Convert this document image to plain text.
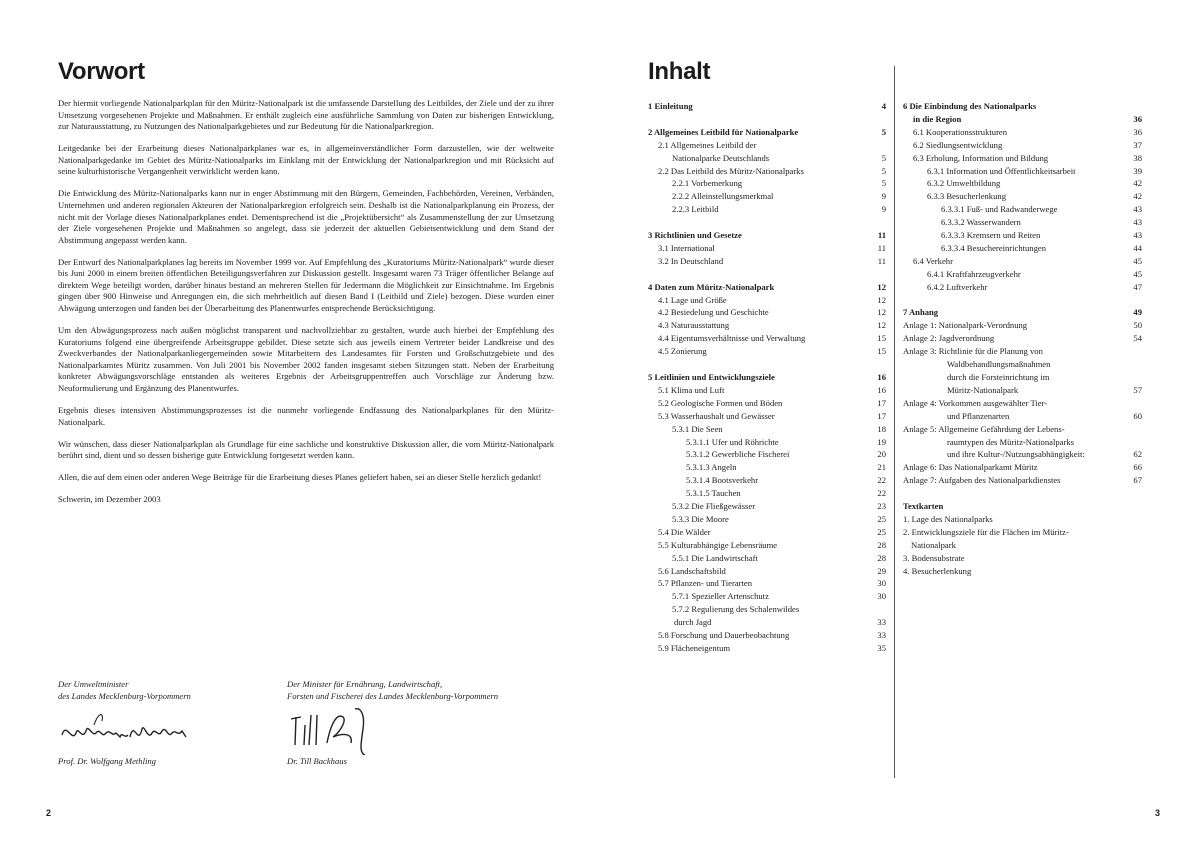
Vorwort

Der hiermit vorliegende Nationalparkplan für den Müritz-Nationalpark ist die umfassende Darstellung des Leitbildes, der Ziele und der zu ihrer Umsetzung vorgesehenen Projekte und Maßnahmen. Er enthält zugleich eine ausführliche Sammlung von Daten zur bisherigen Entwicklung, zur Naturausstattung, zu Nutzungen des Nationalparkgebietes und zur Bedeutung für die Nationalparkregion.

Leitgedanke bei der Erarbeitung dieses Nationalparkplanes war es, in allgemeinverständlicher Form darzustellen, wie der weltweite Nationalparkgedanke im Gebiet des Müritz-Nationalparks im Einklang mit der Entwicklung der Nationalparkregion und mit Rücksicht auf seine kulturhistorische Vergangenheit verwirklicht werden kann.

Die Entwicklung des Müritz-Nationalparks kann nur in enger Abstimmung mit den Bürgern, Gemeinden, Fachbehörden, Vereinen, Verbänden, Unternehmen und anderen regionalen Akteuren der Nationalparkregion erfolgreich sein. Deshalb ist die Nationalparkplanung ein Prozess, der nicht mit der Vorlage dieses Nationalparkplanes endet. Dementsprechend ist die „Projektübersicht“ als Zusammenstellung der zur Umsetzung der Ziele vorgesehenen Projekte und Maßnahmen so angelegt, dass sie jederzeit der aktuellen Gebietsentwicklung und dem Stand der Abstimmung angepasst werden kann.

Der Entwurf des Nationalparkplanes lag bereits im November 1999 vor. Auf Empfehlung des „Kuratoriums Müritz-Nationalpark“ wurde dieser bis Juni 2000 in einem breiten öffentlichen Beteiligungsverfahren zur Diskussion gestellt. Insgesamt waren 73 Träger öffentlicher Belange auf direktem Wege beteiligt worden, darüber hinaus bestand an mehreren Stellen für Jedermann die Möglichkeit zur Einsichtnahme. Im Ergebnis gingen über 900 Hinweise und Anregungen ein, die sich mehrheitlich auf diesen Band I (Leitbild und Ziele) bezogen. Diese wurden einer Abwägung unterzogen und fanden bei der Überarbeitung des Planentwurfes entsprechende Berücksichtigung.

Um den Abwägungsprozess nach außen möglichst transparent und nachvollziehbar zu gestalten, wurde auch hierbei der Empfehlung des Kuratoriums folgend eine übergreifende Arbeitsgruppe gebildet. Diese setzte sich aus jeweils einem Vertreter beider Landkreise und des Zweckverbandes der Nationalparkanliegergemeinden sowie Mitarbeitern des Landesamtes für Forsten und Großschutzgebiete und des Nationalparkamtes Müritz zusammen. Von Juli 2001 bis November 2002 fanden insgesamt sieben Sitzungen statt. Neben der Erarbeitung konkreter Abwägungsvorschläge entstanden als weiteres Ergebnis der Arbeitsgruppentreffen auch Vorschläge zur Änderung bzw. Neuformulierung und Ergänzung des Planentwurfes.

Ergebnis dieses intensiven Abstimmungsprozesses ist die nunmehr vorliegende Endfassung des Nationalparkplanes für den Müritz-Nationalpark.

Wir wünschen, dass dieser Nationalparkplan als Grundlage für eine sachliche und konstruktive Diskussion aller, die vom Müritz-Nationalpark berührt sind, dient und so dessen bisherige gute Entwicklung fortgesetzt werden kann.

Allen, die auf dem einen oder anderen Wege Beiträge für die Erarbeitung dieses Planes geliefert haben, sei an dieser Stelle herzlich gedankt!

Schwerin, im Dezember 2003

Der Umweltminister
des Landes Mecklenburg-Vorpommern
Prof. Dr. Wolfgang Methling
Der Minister für Ernährung, Landwirtschaft,
Forsten und Fischerei des Landes Mecklenburg-Vorpommern
Dr. Till Backhaus
2
Inhalt
3
1 Einleitung	4
2 Allgemeines Leitbild für Nationalparke	5
2.1 Allgemeines Leitbild der
Nationalparke Deutschlands	5
2.2 Das Leitbild des Müritz-Nationalparks	5
2.2.1 Vorbemerkung	5
2.2.2 Alleinstellungsmerkmal	9
2.2.3 Leitbild	9
3 Richtlinien und Gesetze	11
3.1 International	11
3.2 In Deutschland	11
4 Daten zum Müritz-Nationalpark	12
4.1 Lage und Größe	12
4.2 Besiedelung und Geschichte	12
4.3 Naturausstattung	12
4.4 Eigentumsverhältnisse und Verwaltung	15
4.5 Zonierung	15
5 Leitlinien und Entwicklungsziele	16
5.1 Klima und Luft	16
5.2 Geologische Formen und Böden	17
5.3 Wasserhaushalt und Gewässer	17
5.3.1 Die Seen	18
5.3.1.1 Ufer und Röhrichte	19
5.3.1.2 Gewerbliche Fischerei	20
5.3.1.3 Angeln	21
5.3.1.4 Bootsverkehr	22
5.3.1.5 Tauchen	22
5.3.2 Die Fließgewässer	23
5.3.3 Die Moore	25
5.4 Die Wälder	25
5.5 Kulturabhängige Lebensräume	28
5.5.1 Die Landwirtschaft	28
5.6 Landschaftsbild	29
5.7 Pflanzen- und Tierarten	30
5.7.1 Spezieller Artenschutz	30
5.7.2 Regulierung des Schalenwildes
durch Jagd	33
5.8 Forschung und Dauerbeobachtung	33
5.9 Flächeneigentum	35
6 Die Einbindung des Nationalparks
in die Region	36
6.1 Kooperationsstrukturen	36
6.2 Siedlungsentwicklung	37
6.3 Erholung, Information und Bildung	38
6.3.1 Information und Öffentlichkeitsarbeit	39
6.3.2 Umweltbildung	42
6.3.3 Besucherlenkung	42
6.3.3.1 Fuß- und Radwanderwege	43
6.3.3.2 Wasserwandern	43
6.3.3.3 Kremsern und Reiten	43
6.3.3.4 Besuchereinrichtungen	44
6.4 Verkehr	45
6.4.1 Kraftfahrzeugverkehr	45
6.4.2 Luftverkehr	47
7 Anhang	49
Anlage 1: Nationalpark-Verordnung	50
Anlage 2: Jagdverordnung	54
Anlage 3: Richtlinie für die Planung von
Waldbehandlungsmaßnahmen
durch die Forsteinrichtung im
Müritz-Nationalpark	57
Anlage 4: Vorkommen ausgewählter Tier-
und Pflanzenarten	60
Anlage 5: Allgemeine Gefährdung der Lebens-
raumtypen des Müritz-Nationalparks
und ihre Kultur-/Nutzungsabhängigkeit:	62
Anlage 6: Das Nationalparkamt Müritz	66
Anlage 7: Aufgaben des Nationalparkdienstes	67
Textkarten
1. Lage des Nationalparks
2. Entwicklungsziele für die Flächen im Müritz-
Nationalpark
3. Bodensubstrate
4. Besucherlenkung
